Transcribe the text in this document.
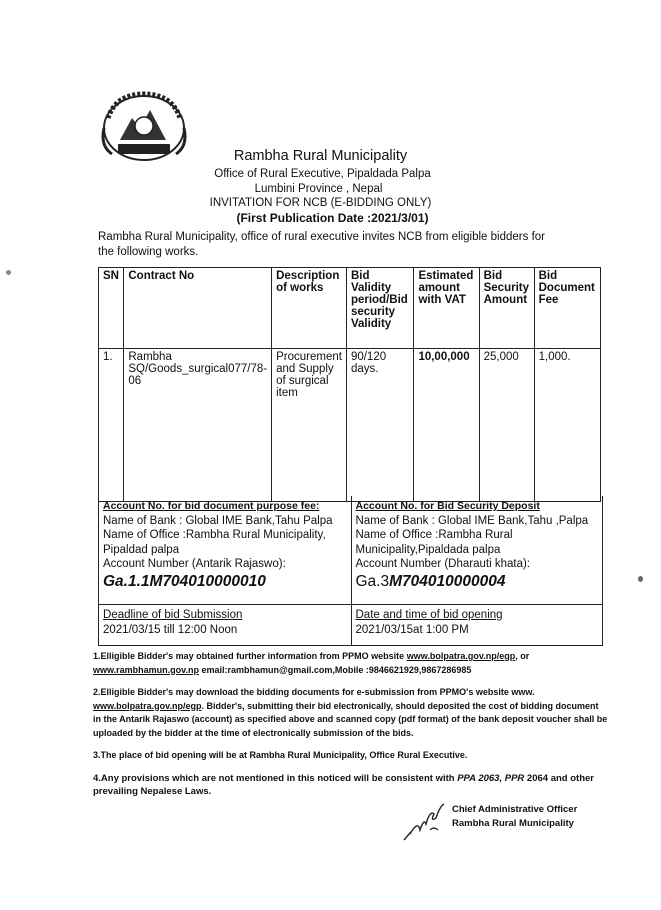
Rambha Rural Municipality
Office of Rural Executive, Pipaldada Palpa
Lumbini Province , Nepal
INVITATION FOR NCB (E-BIDDING ONLY)
(First Publication Date :2021/3/01)
Rambha Rural Municipality, office of rural executive invites NCB from eligible bidders for the following works.
SN	Contract No	Description of works	Bid Validity period/Bid security Validity	Estimated amount with VAT	Bid Security Amount	Bid Document Fee
1.	Rambha SQ/Goods_surgical077/78-06	Procurement and Supply of surgical item	90/120 days.	10,00,000	25,000	1,000.
Account No. for bid document purpose fee:
Name of Bank : Global IME Bank,Tahu Palpa
Name of Office :Rambha Rural Municipality, Pipaldad palpa
Account Number (Antarik Rajaswo):
Ga.1.1M704010000010
Account No. for Bid Security Deposit
Name of Bank : Global IME Bank,Tahu ,Palpa
Name of Office :Rambha Rural Municipality,Pipaldada palpa
Account Number (Dharauti khata):
Ga.3M704010000004
Deadline of bid Submission
2021/03/15 till 12:00 Noon
Date and time of bid opening
2021/03/15at 1:00 PM

1.Elligible Bidder's may obtained further information from PPMO website www.bolpatra.gov.np/egp, or
www.rambhamun.gov.np email:rambhamun@gmail.com,Mobile :9846621929,9867286985

2.Elligible Bidder's may download the bidding documents for e-submission from PPMO's website www.
www.bolpatra.gov.np/egp. Bidder's, submitting their bid electronically, should deposited the cost of bidding document in the Antarik Rajaswo (account) as specified above and scanned copy (pdf format) of the bank deposit voucher shall be uploaded by the bidder at the time of electronically submission of the bids.

3.The place of bid opening will be at Rambha Rural Municipality, Office Rural Executive.

4.Any provisions which are not mentioned in this noticed will be consistent with PPA 2063, PPR 2064 and other prevailing Nepalese Laws.

Chief Administrative Officer
Rambha Rural Municipality
